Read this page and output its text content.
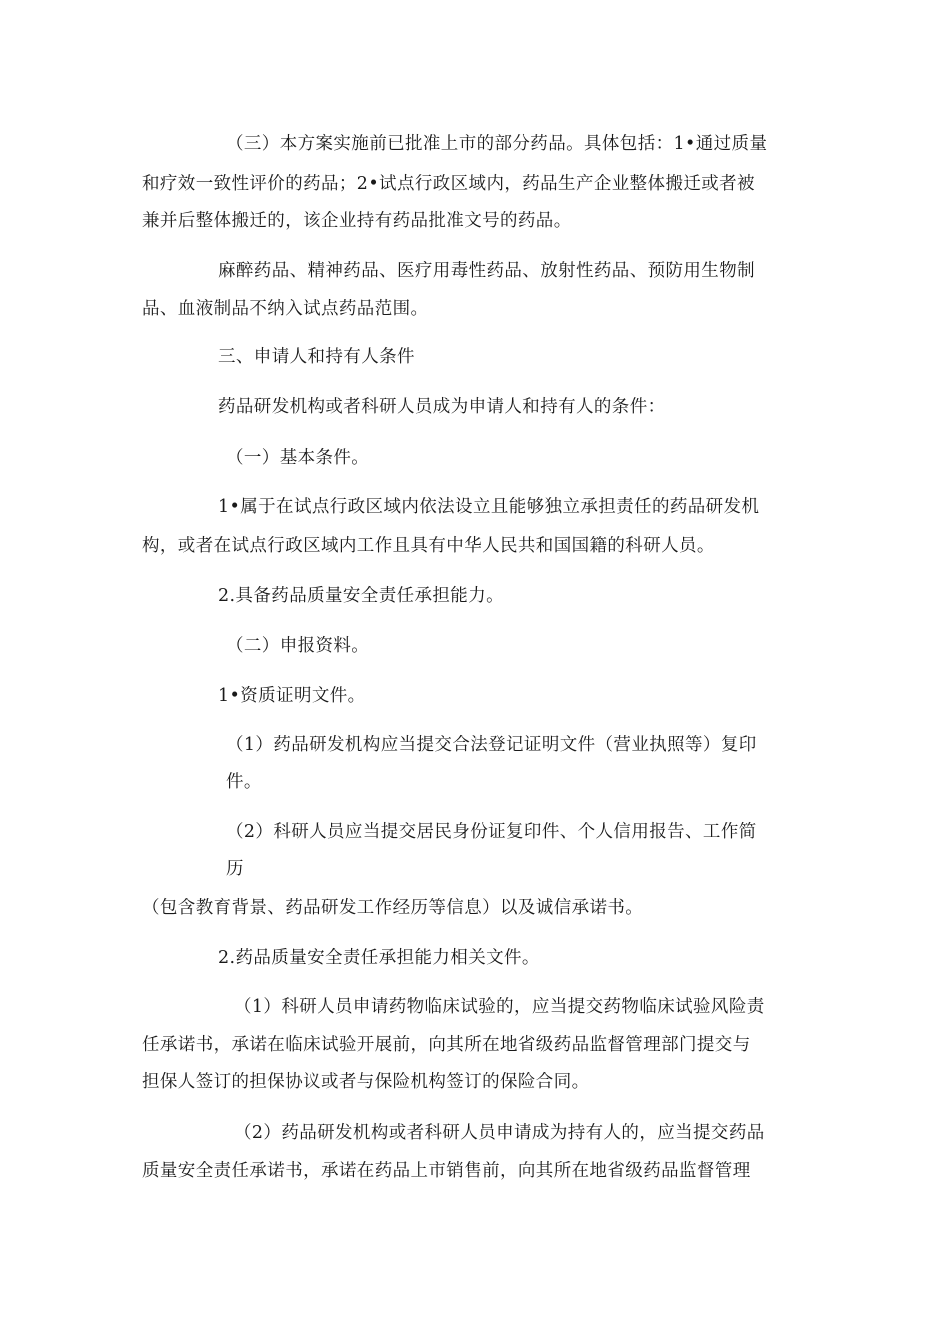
（三）本方案实施前已批准上市的部分药品。具体包括：1•通过质量
和疗效一致性评价的药品；2•试点行政区域内，药品生产企业整体搬迁或者被
兼并后整体搬迁的，该企业持有药品批准文号的药品。
麻醉药品、精神药品、医疗用毒性药品、放射性药品、预防用生物制
品、血液制品不纳入试点药品范围。
三、申请人和持有人条件
药品研发机构或者科研人员成为申请人和持有人的条件：
（一）基本条件。
1•属于在试点行政区域内依法设立且能够独立承担责任的药品研发机
构，或者在试点行政区域内工作且具有中华人民共和国国籍的科研人员。
2.具备药品质量安全责任承担能力。
（二）申报资料。
1•资质证明文件。
（1）药品研发机构应当提交合法登记证明文件（营业执照等）复印
件。
（2）科研人员应当提交居民身份证复印件、个人信用报告、工作简
历
（包含教育背景、药品研发工作经历等信息）以及诚信承诺书。
2.药品质量安全责任承担能力相关文件。
（1）科研人员申请药物临床试验的，应当提交药物临床试验风险责
任承诺书，承诺在临床试验开展前，向其所在地省级药品监督管理部门提交与
担保人签订的担保协议或者与保险机构签订的保险合同。
（2）药品研发机构或者科研人员申请成为持有人的，应当提交药品
质量安全责任承诺书，承诺在药品上市销售前，向其所在地省级药品监督管理
